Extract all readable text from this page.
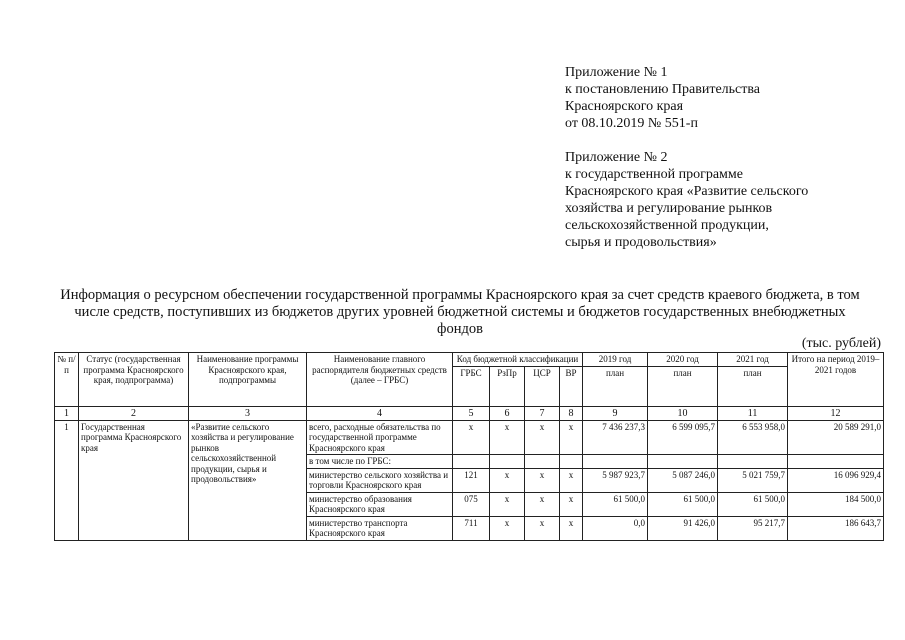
Приложение № 1
к постановлению Правительства
Красноярского края
от 08.10.2019 № 551-п
Приложение № 2
к государственной программе
Красноярского края «Развитие сельского
хозяйства и регулирование рынков
сельскохозяйственной продукции,
сырья и продовольствия»
Информация о ресурсном обеспечении государственной программы Красноярского края за счет средств краевого бюджета, в том числе средств, поступивших из бюджетов других уровней бюджетной системы и бюджетов государственных внебюджетных фондов
(тыс. рублей)
№ п/п	Статус (государственная программа Красноярского края, подпрограмма)	Наименование программы Красноярского края, подпрограммы	Наименование главного распорядителя бюджетных средств (далее – ГРБС)	Код бюджетной классификации				2019 год	2020 год	2021 год	Итого на период 2019–2021 годов
				ГРБС	РзПр	ЦСР	ВР	план	план	план	
1	2	3	4	5	6	7	8	9	10	11	12
1	Государственная программа Красноярского края	«Развитие сельского хозяйства и регулирование рынков сельскохозяйственной продукции, сырья и продовольствия»	всего, расходные обязательства по государственной программе Красноярского края	х	х	х	х	7 436 237,3	6 599 095,7	6 553 958,0	20 589 291,0
			в том числе по ГРБС:								
			министерство сельского хозяйства и торговли Красноярского края	121	х	х	х	5 987 923,7	5 087 246,0	5 021 759,7	16 096 929,4
			министерство образования Красноярского края	075	х	х	х	61 500,0	61 500,0	61 500,0	184 500,0
			министерство транспорта Красноярского края	711	х	х	х	0,0	91 426,0	95 217,7	186 643,7
